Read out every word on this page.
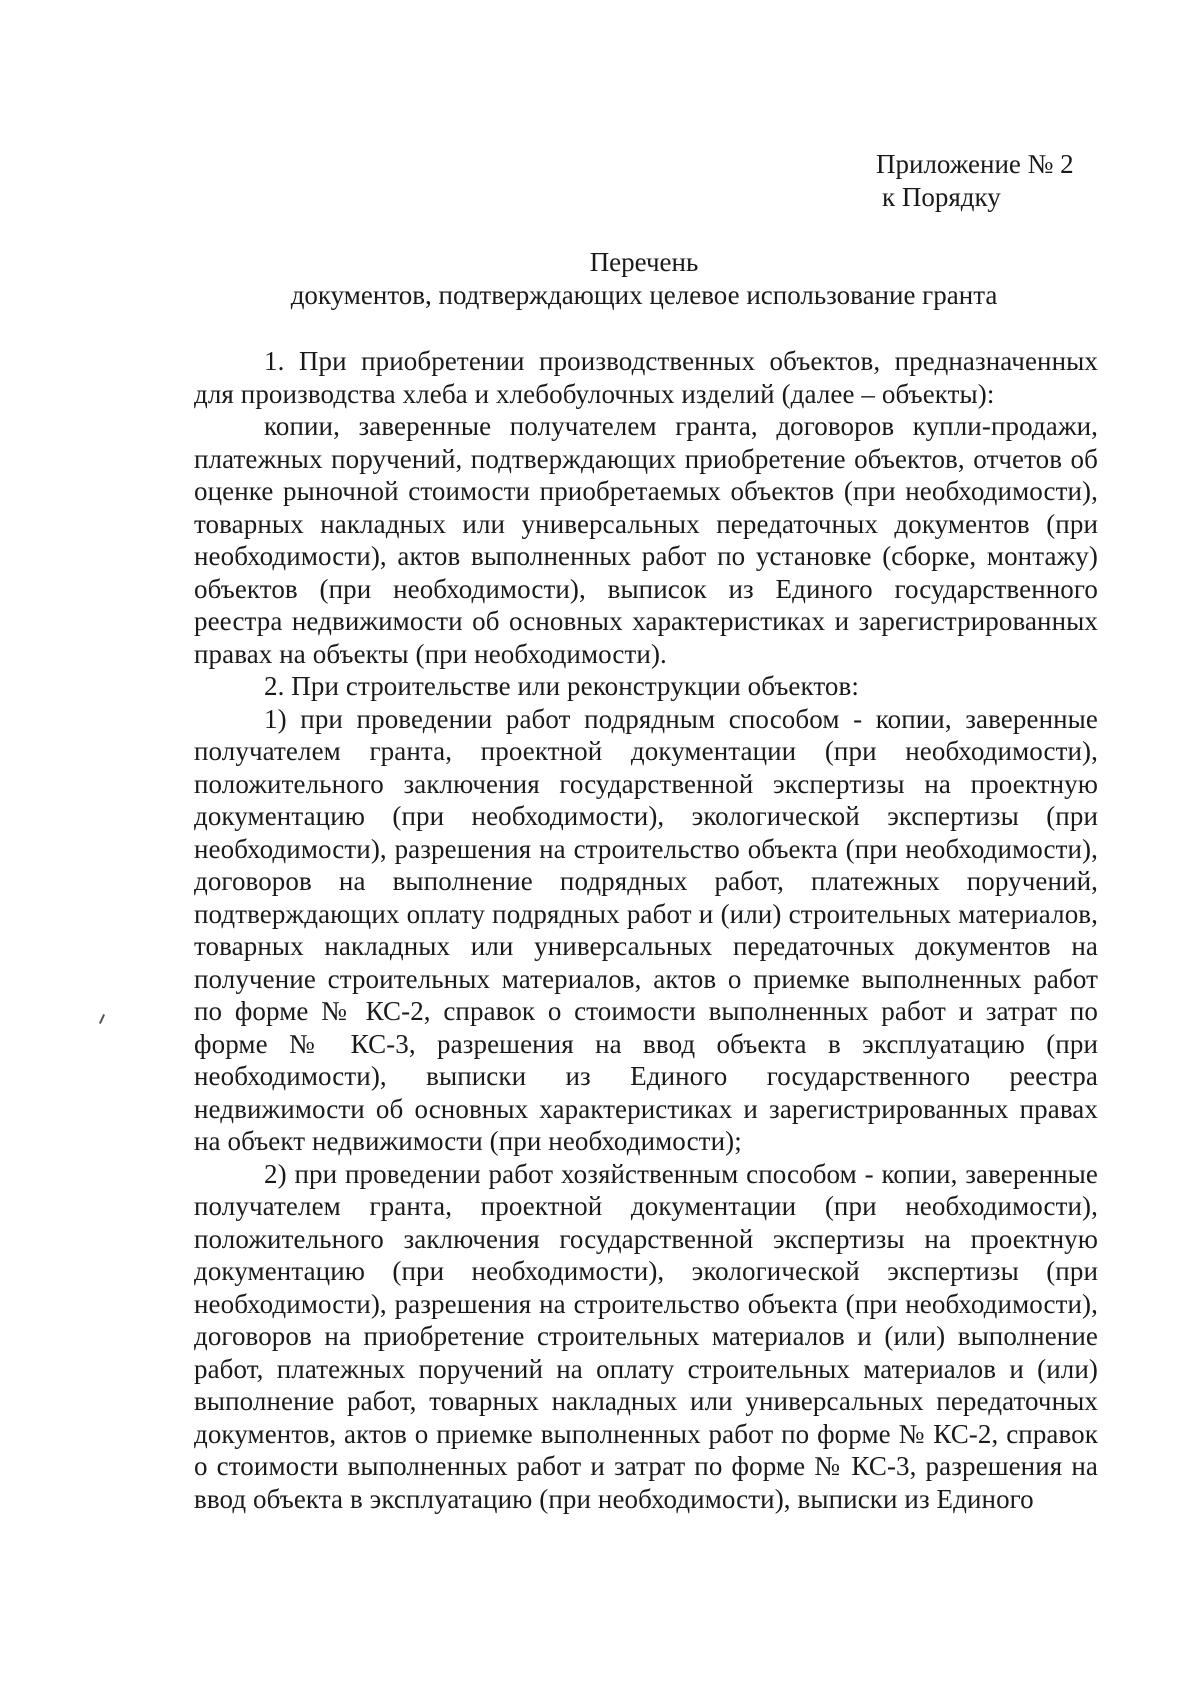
Приложение № 2
к Порядку
Перечень
документов, подтверждающих целевое использование гранта

1. При приобретении производственных объектов, предназначенных для производства хлеба и хлебобулочных изделий (далее – объекты):

копии, заверенные получателем гранта, договоров купли-продажи, платежных поручений, подтверждающих приобретение объектов, отчетов об оценке рыночной стоимости приобретаемых объектов (при необходимости), товарных накладных или универсальных передаточных документов (при необходимости), актов выполненных работ по установке (сборке, монтажу) объектов (при необходимости), выписок из Единого государственного реестра недвижимости об основных характеристиках и зарегистрированных правах на объекты (при необходимости).

2. При строительстве или реконструкции объектов:

1) при проведении работ подрядным способом - копии, заверенные получателем гранта, проектной документации (при необходимости), положительного заключения государственной экспертизы на проектную документацию (при необходимости), экологической экспертизы (при необходимости), разрешения на строительство объекта (при необходимости), договоров на выполнение подрядных работ, платежных поручений, подтверждающих оплату подрядных работ и (или) строительных материалов, товарных накладных или универсальных передаточных документов на получение строительных материалов, актов о приемке выполненных работ по форме № КС-2, справок о стоимости выполненных работ и затрат по форме № КС-3, разрешения на ввод объекта в эксплуатацию (при необходимости), выписки из Единого государственного реестра недвижимости об основных характеристиках и зарегистрированных правах на объект недвижимости (при необходимости);

2) при проведении работ хозяйственным способом - копии, заверенные получателем гранта, проектной документации (при необходимости), положительного заключения государственной экспертизы на проектную документацию (при необходимости), экологической экспертизы (при необходимости), разрешения на строительство объекта (при необходимости), договоров на приобретение строительных материалов и (или) выполнение работ, платежных поручений на оплату строительных материалов и (или) выполнение работ, товарных накладных или универсальных передаточных документов, актов о приемке выполненных работ по форме № КС-2, справок о стоимости выполненных работ и затрат по форме № КС-3, разрешения на ввод объекта в эксплуатацию (при необходимости), выписки из Единого
